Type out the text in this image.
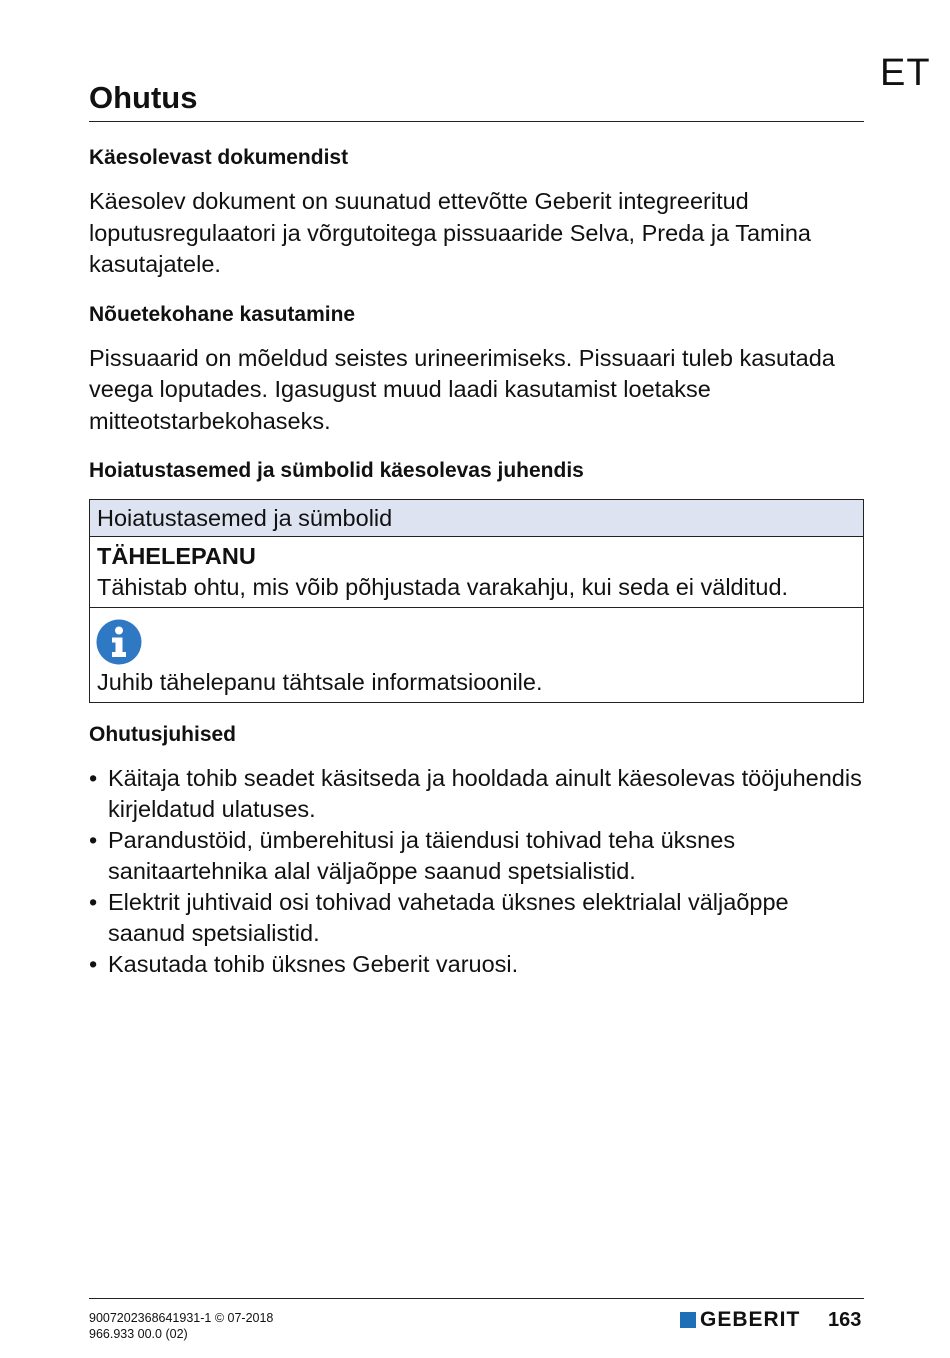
ET
Ohutus
Käesolevast dokumendist

Käesolev dokument on suunatud ettevõtte Geberit integreeritud loputusregulaatori ja võrgutoitega pissuaaride Selva, Preda ja Tamina kasutajatele.

Nõuetekohane kasutamine

Pissuaarid on mõeldud seistes urineerimiseks. Pissuaari tuleb kasutada veega loputades. Igasugust muud laadi kasutamist loetakse mitteotstarbekohaseks.

Hoiatustasemed ja sümbolid käesolevas juhendis
Hoiatustasemed ja sümbolid
TÄHELEPANU
Tähistab ohtu, mis võib põhjustada varakahju, kui seda ei välditud.
Juhib tähelepanu tähtsale informatsioonile.
Ohutusjuhised
• Käitaja tohib seadet käsitseda ja hooldada ainult käesolevas tööjuhendis kirjeldatud ulatuses.
• Parandustöid, ümberehitusi ja täiendusi tohivad teha üksnes sanitaartehnika alal väljaõppe saanud spetsialistid.
• Elektrit juhtivaid osi tohivad vahetada üksnes elektrialal väljaõppe saanud spetsialistid.
• Kasutada tohib üksnes Geberit varuosi.
9007202368641931-1 © 07-2018
966.933 00.0 (02)
GEBERIT 163
